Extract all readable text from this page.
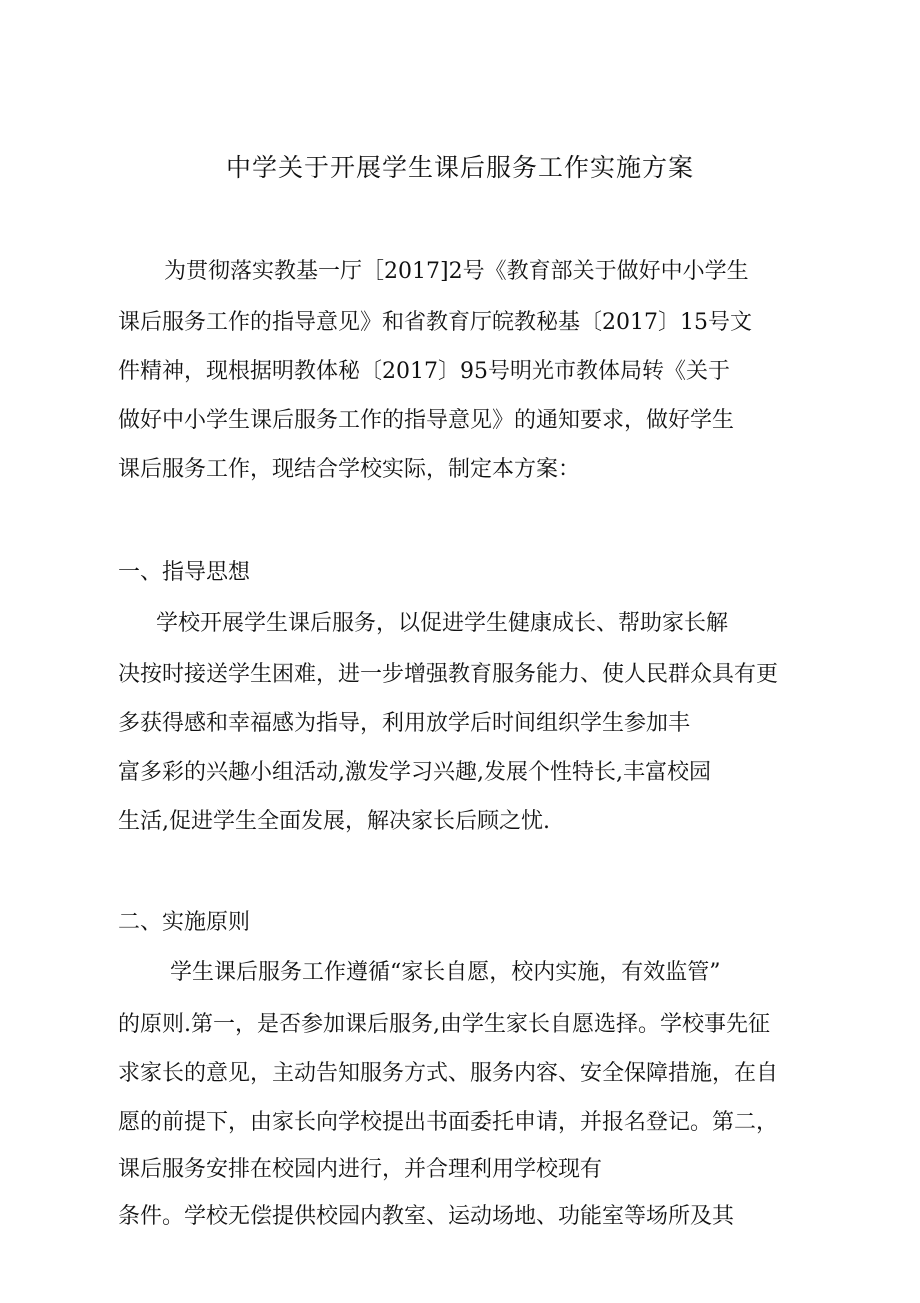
中学关于开展学生课后服务工作实施方案
为贯彻落实教基一厅［2017]2号《教育部关于做好中小学生
课后服务工作的指导意见》和省教育厅皖教秘基〔2017〕15号文
件精神，现根据明教体秘〔2017〕95号明光市教体局转《关于
做好中小学生课后服务工作的指导意见》的通知要求，做好学生
课后服务工作，现结合学校实际，制定本方案：
一、指导思想
学校开展学生课后服务，以促进学生健康成长、帮助家长解
决按时接送学生困难，进一步增强教育服务能力、使人民群众具有更
多获得感和幸福感为指导，利用放学后时间组织学生参加丰
富多彩的兴趣小组活动,激发学习兴趣,发展个性特长,丰富校园
生活,促进学生全面发展，解决家长后顾之忧.
二、实施原则
学生课后服务工作遵循“家长自愿，校内实施，有效监管”
的原则.第一，是否参加课后服务,由学生家长自愿选择。学校事先征
求家长的意见，主动告知服务方式、服务内容、安全保障措施，在自
愿的前提下，由家长向学校提出书面委托申请，并报名登记。第二，
课后服务安排在校园内进行，并合理利用学校现有
条件。学校无偿提供校园内教室、运动场地、功能室等场所及其
